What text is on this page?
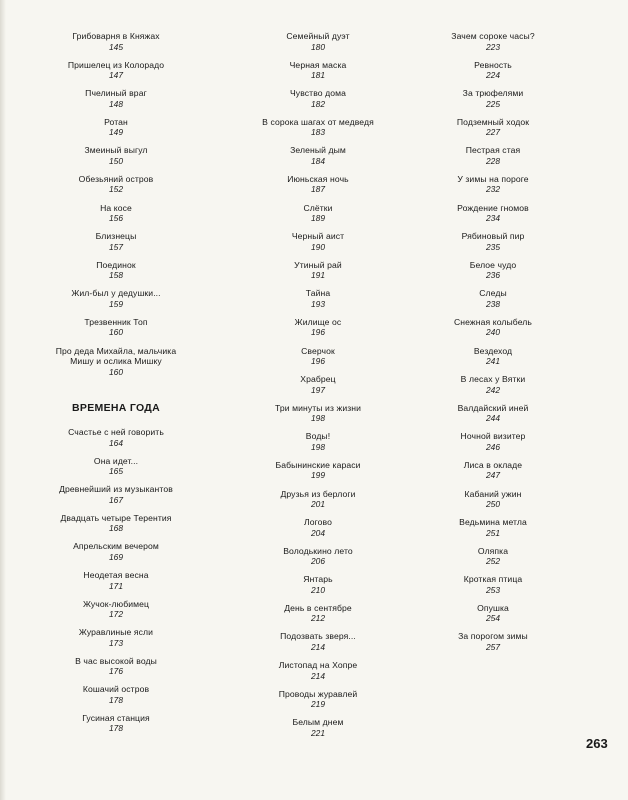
Грибоварня в Княжах
145
Пришелец из Колорадо
147
Пчелиный враг
148
Ротан
149
Змеиный выгул
150
Обезьяний остров
152
На косе
156
Близнецы
157
Поединок
158
Жил-был у дедушки...
159
Трезвенник Топ
160
Про деда Михайла, мальчика Мишу и ослика Мишку
160
ВРЕМЕНА ГОДА
Счастье с ней говорить
164
Она идет...
165
Древнейший из музыкантов
167
Двадцать четыре Терентия
168
Апрельским вечером
169
Неодетая весна
171
Жучок-любимец
172
Журавлиные ясли
173
В час высокой воды
176
Кошачий остров
178
Гусиная станция
178
Семейный дуэт
180
Черная маска
181
Чувство дома
182
В сорока шагах от медведя
183
Зеленый дым
184
Июньская ночь
187
Слётки
189
Черный аист
190
Утиный рай
191
Тайна
193
Жилище ос
196
Сверчок
196
Храбрец
197
Три минуты из жизни
198
Воды!
198
Бабынинские караси
199
Друзья из берлоги
201
Логово
204
Володькино лето
206
Янтарь
210
День в сентябре
212
Подозвать зверя...
214
Листопад на Хопре
214
Проводы журавлей
219
Белым днем
221
Зачем сороке часы?
223
Ревность
224
За трюфелями
225
Подземный ходок
227
Пестрая стая
228
У зимы на пороге
232
Рождение гномов
234
Рябиновый пир
235
Белое чудо
236
Следы
238
Снежная колыбель
240
Вездеход
241
В лесах у Вятки
242
Валдайский иней
244
Ночной визитер
246
Лиса в окладе
247
Кабаний ужин
250
Ведьмина метла
251
Оляпка
252
Кроткая птица
253
Опушка
254
За порогом зимы
257
263
